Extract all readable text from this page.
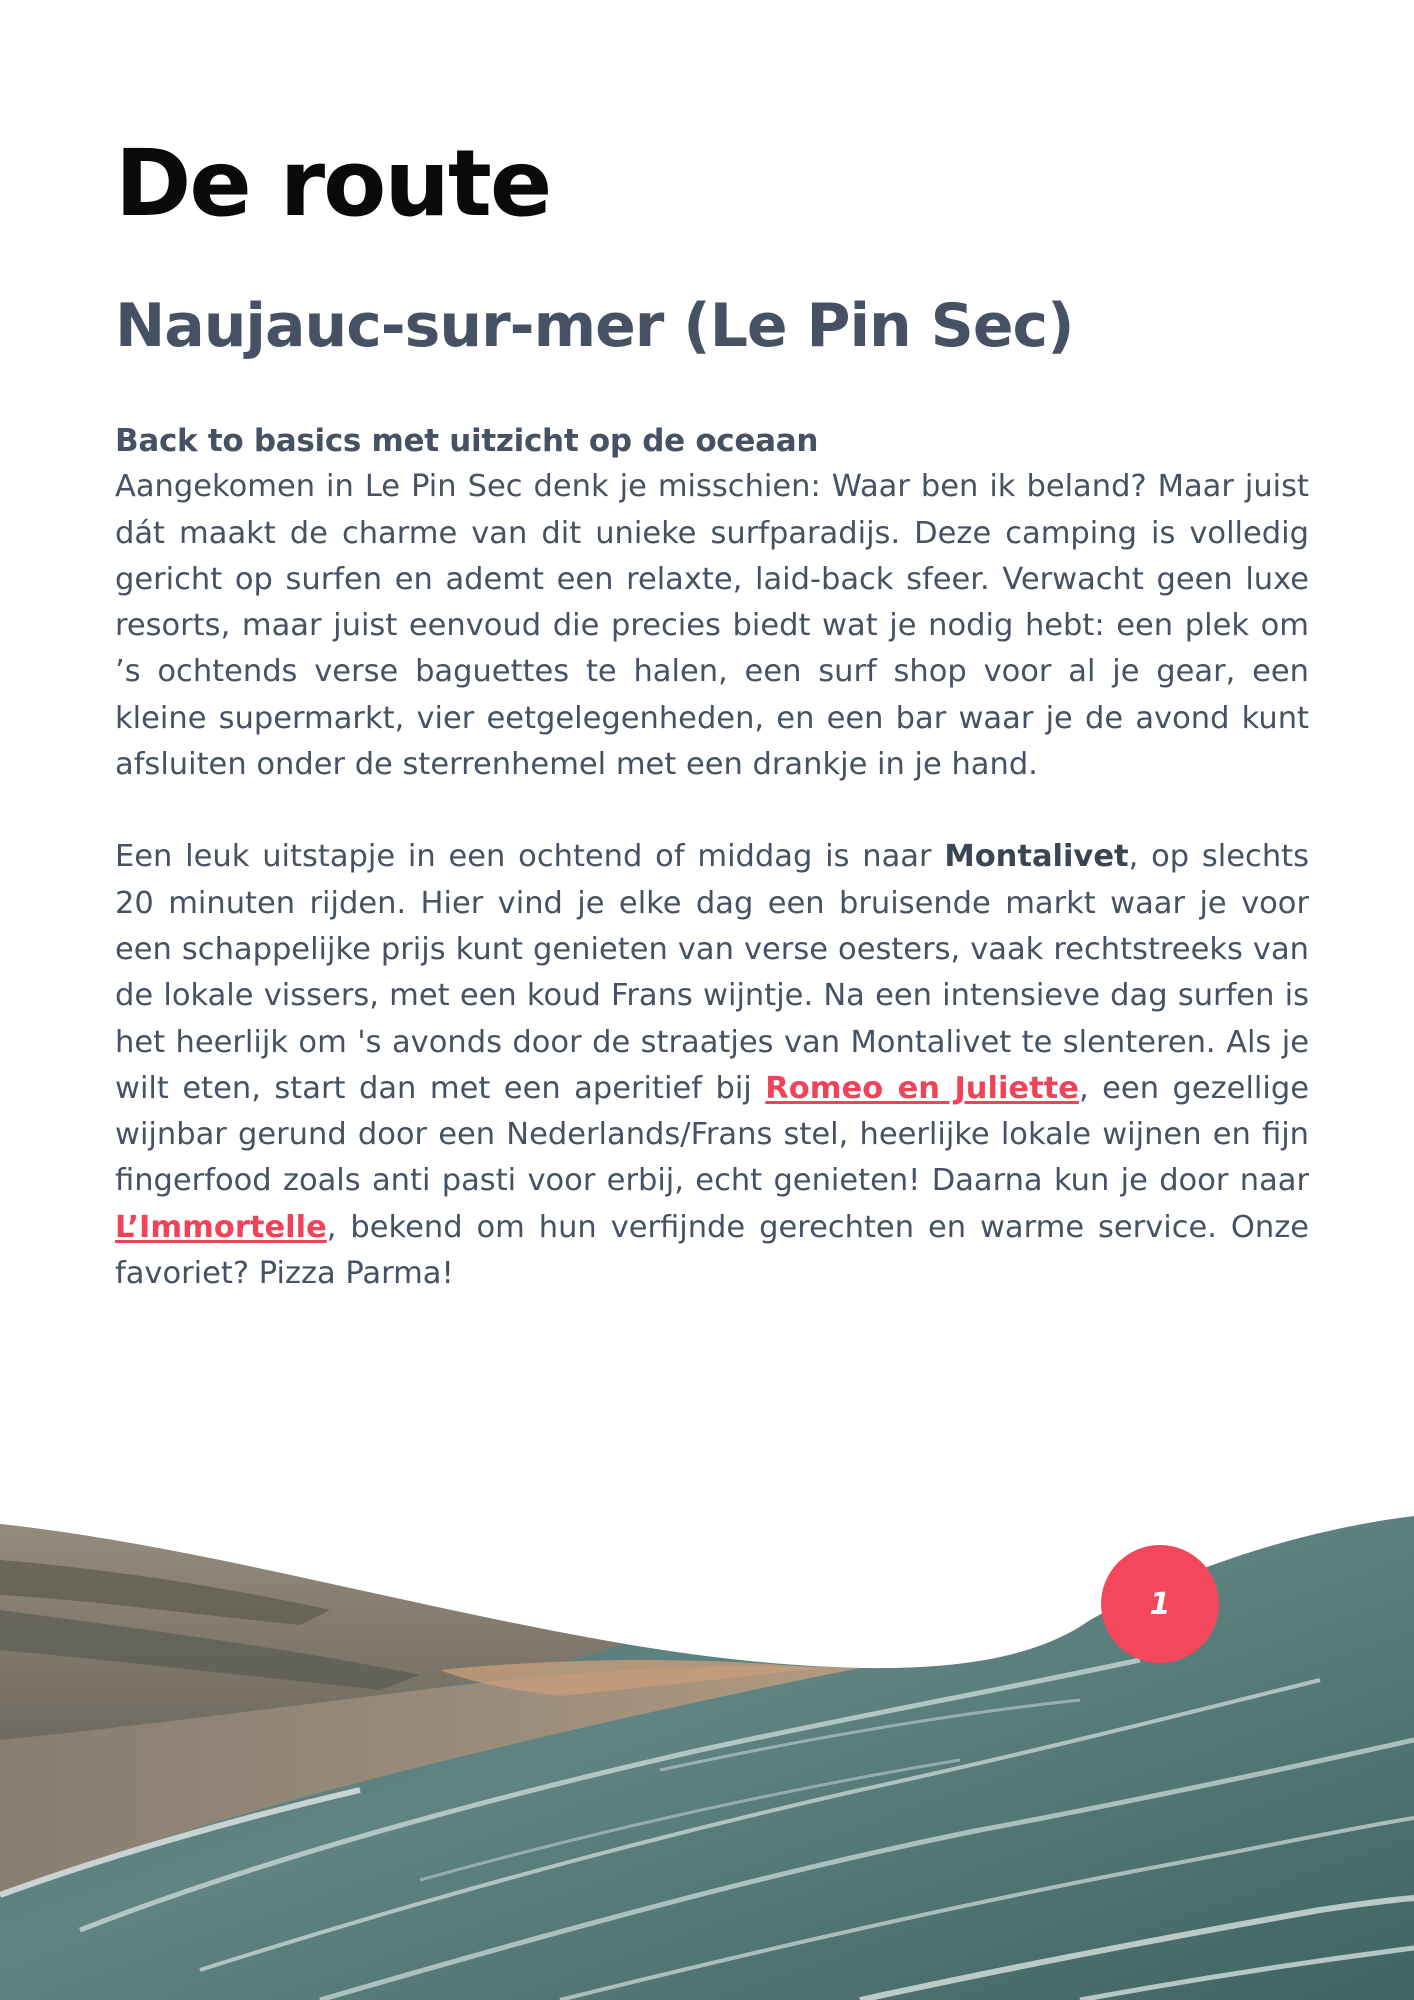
De route
Naujauc-sur-mer (Le Pin Sec)

Back to basics met uitzicht op de oceaan

Aangekomen in Le Pin Sec denk je misschien: Waar ben ik beland? Maar juist dát maakt de charme van dit unieke surfparadijs. Deze camping is volledig gericht op surfen en ademt een relaxte, laid-back sfeer. Verwacht geen luxe resorts, maar juist eenvoud die precies biedt wat je nodig hebt: een plek om ’s ochtends verse baguettes te halen, een surf shop voor al je gear, een kleine supermarkt, vier eetgelegenheden, en een bar waar je de avond kunt afsluiten onder de sterrenhemel met een drankje in je hand.

Een leuk uitstapje in een ochtend of middag is naar Montalivet, op slechts 20 minuten rijden. Hier vind je elke dag een bruisende markt waar je voor een schappelijke prijs kunt genieten van verse oesters, vaak rechtstreeks van de lokale vissers, met een koud Frans wijntje. Na een intensieve dag surfen is het heerlijk om 's avonds door de straatjes van Montalivet te slenteren. Als je wilt eten, start dan met een aperitief bij Romeo en Juliette, een gezellige wijnbar gerund door een Nederlands/Frans stel, heerlijke lokale wijnen en fijn fingerfood zoals anti pasti voor erbij, echt genieten! Daarna kun je door naar L’Immortelle, bekend om hun verfijnde gerechten en warme service. Onze favoriet? Pizza Parma!

1
